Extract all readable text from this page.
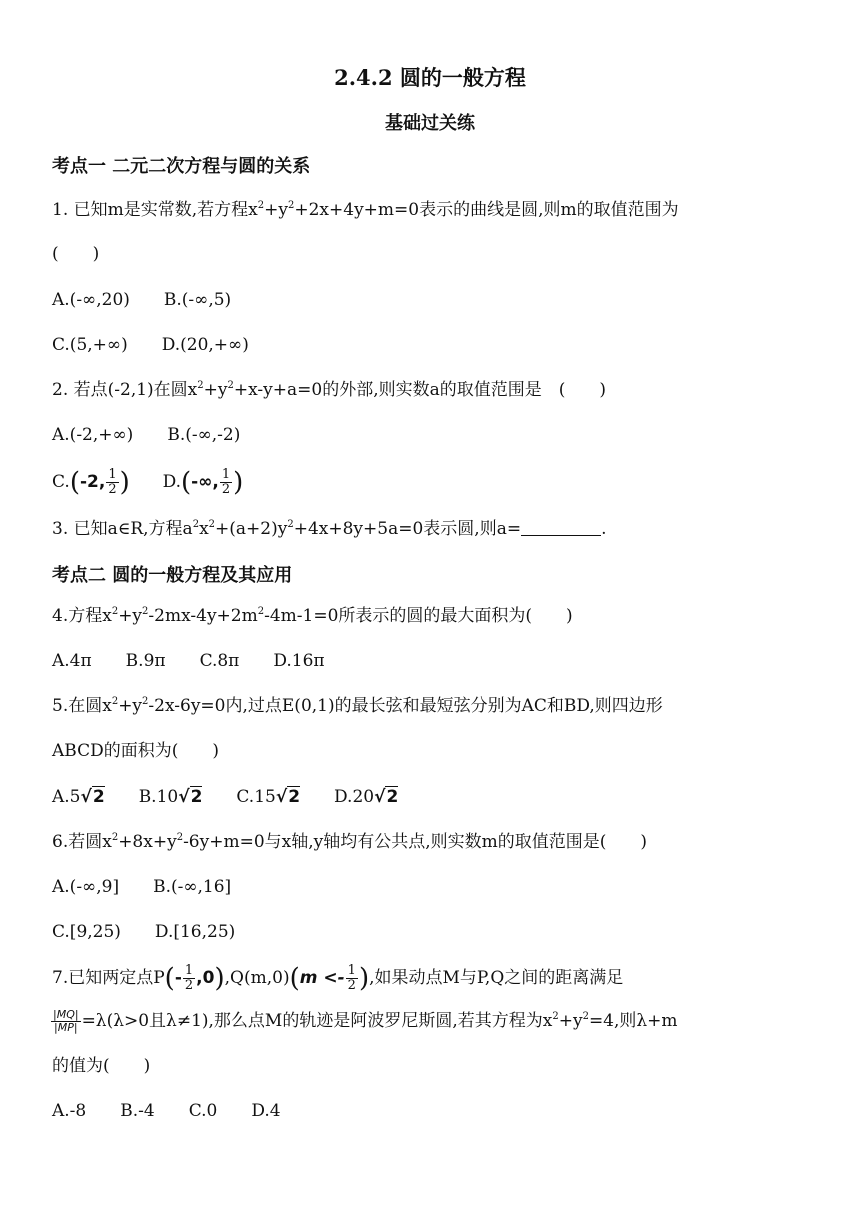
2.4.2 圆的一般方程
基础过关练
考点一 二元二次方程与圆的关系
1. 已知m是实常数,若方程$x^2+y^2+2x+4y+m=0$表示的曲线是圆,则m的取值范围为
(　　)
A.(-∞,20) B.(-∞,5)
C.(5,+∞) D.(20,+∞)
2. 若点(-2,1)在圆$x^2+y^2+x-y+a=0$的外部,则实数a的取值范围是　(　　)
A.(-2,+∞) B.(-∞,-2)
C.(-2, $\frac{1}{2}$ ) D.(-∞, $\frac{1}{2}$ )
3. 已知a∈R,方程$a^2x^2+(a+2)y^2+4x+8y+5a=0$表示圆,则a=	.
考点二 圆的一般方程及其应用
4.方程$x^2+y^2-2mx-4y+2m^2-4m-1=0$所表示的圆的最大面积为(　　)
A.4π B.9π C.8π D.16π
5.在圆$x^2+y^2-2x-6y=0$内,过点E(0,1)的最长弦和最短弦分别为AC和BD,则四边形
ABCD的面积为(　　)
A.5√2 B.10√2 C.15√2 D.20√2
6.若圆$x^2+8x+y^2-6y+m=0$与x轴,y轴均有公共点,则实数m的取值范围是(　　)
A.(-∞,9] B.(-∞,16]
C.[9,25) D.[16,25)
7.已知两定点$P(- \frac{1}{2} ,0),Q(m,0)(m <- \frac{1}{2}$ ),如果动点M与P,Q之间的距离满足
$\frac{|MQ|}{|MP|} =\lambda(\lambda>0$且λ≠1),那么点M的轨迹是阿波罗尼斯圆,若其方程为$x^2+y^2=4$,则λ+m
的值为(　　)
A.-8 B.-4 C.0 D.4
